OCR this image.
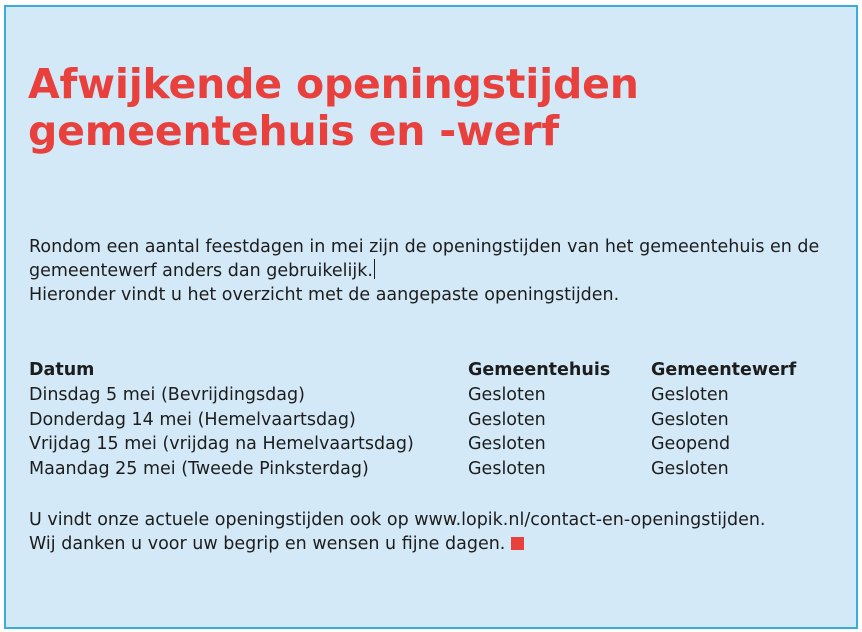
Afwijkende openingstijden
gemeentehuis en -werf
Rondom een aantal feestdagen in mei zijn de openingstijden van het gemeentehuis en de
gemeentewerf anders dan gebruikelijk.
Hieronder vindt u het overzicht met de aangepaste openingstijden.
Datum	Gemeentehuis	Gemeentewerf
Dinsdag 5 mei (Bevrijdingsdag)	Gesloten	Gesloten
Donderdag 14 mei (Hemelvaartsdag)	Gesloten	Gesloten
Vrijdag 15 mei (vrijdag na Hemelvaartsdag)	Gesloten	Geopend
Maandag 25 mei (Tweede Pinksterdag)	Gesloten	Gesloten
U vindt onze actuele openingstijden ook op www.lopik.nl/contact-en-openingstijden.
Wij danken u voor uw begrip en wensen u fijne dagen.
